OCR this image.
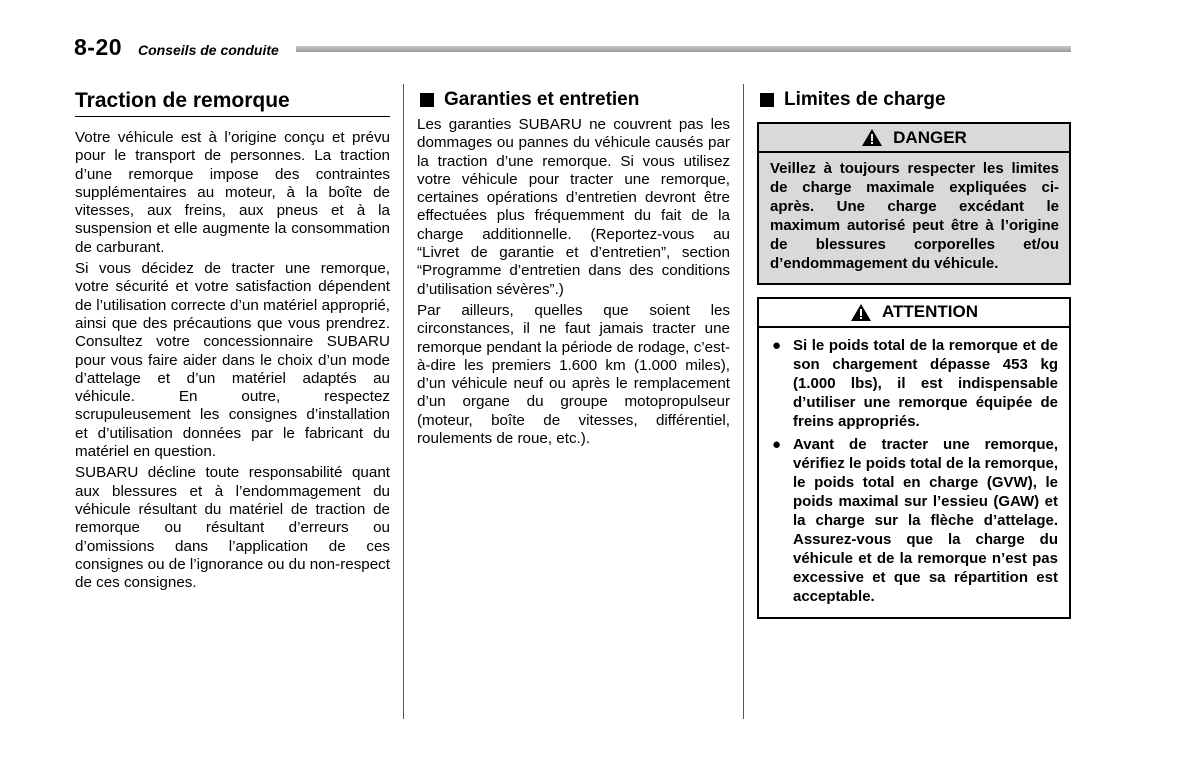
8-20 Conseils de conduite
Traction de remorque

Votre véhicule est à l’origine conçu et prévu pour le transport de personnes. La traction d’une remorque impose des contraintes supplémentaires au moteur, à la boîte de vitesses, aux freins, aux pneus et à la suspension et elle augmente la consommation de carburant.

Si vous décidez de tracter une remorque, votre sécurité et votre satisfaction dépendent de l’utilisation correcte d’un matériel approprié, ainsi que des précautions que vous prendrez. Consultez votre concessionnaire SUBARU pour vous faire aider dans le choix d’un mode d’attelage et d’un matériel adaptés au véhicule. En outre, respectez scrupuleusement les consignes d’installation et d’utilisation données par le fabricant du matériel en question.

SUBARU décline toute responsabilité quant aux blessures et à l’endommagement du véhicule résultant du matériel de traction de remorque ou résultant d’erreurs ou d’omissions dans l’application de ces consignes ou de l’ignorance ou du non-respect de ces consignes.

Garanties et entretien

Les garanties SUBARU ne couvrent pas les dommages ou pannes du véhicule causés par la traction d’une remorque. Si vous utilisez votre véhicule pour tracter une remorque, certaines opérations d’entretien devront être effectuées plus fréquemment du fait de la charge additionnelle. (Reportez-vous au “Livret de garantie et d’entretien”, section “Programme d’entretien dans des conditions d’utilisation sévères”.)

Par ailleurs, quelles que soient les circonstances, il ne faut jamais tracter une remorque pendant la période de rodage, c’est-à-dire les premiers 1.600 km (1.000 miles), d’un véhicule neuf ou après le remplacement d’un organe du groupe motopropulseur (moteur, boîte de vitesses, différentiel, roulements de roue, etc.).

Limites de charge
DANGER

Veillez à toujours respecter les limites de charge maximale expliquées ci-après. Une charge excédant le maximum autorisé peut être à l’origine de blessures corporelles et/ou d’endommagement du véhicule.

ATTENTION
● Si le poids total de la remorque et de son chargement dépasse 453 kg (1.000 lbs), il est indispensable d’utiliser une remorque équipée de freins appropriés.
● Avant de tracter une remorque, vérifiez le poids total de la remorque, le poids total en charge (GVW), le poids maximal sur l’essieu (GAW) et la charge sur la flèche d’attelage. Assurez-vous que la charge du véhicule et de la remorque n’est pas excessive et que sa répartition est acceptable.
